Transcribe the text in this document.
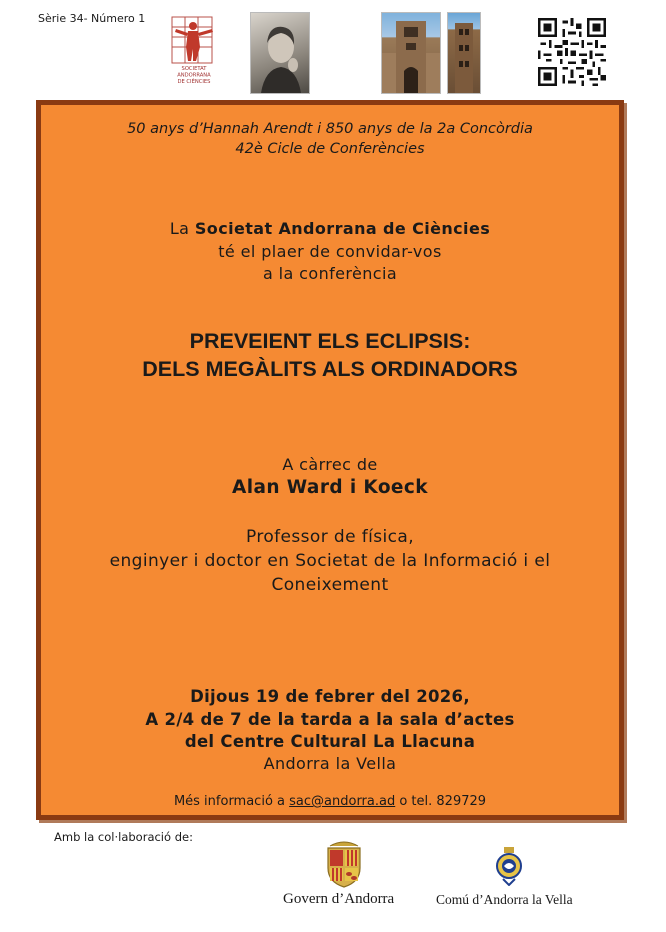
Sèrie 34- Número 1
SOCIETAT
ANDORRANA
DE CIÈNCIES
50 anys d’Hannah Arendt i 850 anys de la 2a Concòrdia
42è Cicle de Conferències
La Societat Andorrana de Ciències
té el plaer de convidar-vos
a la conferència
PREVEIENT ELS ECLIPSIS:
DELS MEGÀLITS ALS ORDINADORS
A càrrec de
Alan Ward i Koeck
Professor de física,
enginyer i doctor en Societat de la Informació i el
Coneixement
Dijous 19 de febrer del 2026,
A 2/4 de 7 de la tarda a la sala d’actes
del Centre Cultural La Llacuna
Andorra la Vella
Més informació a sac@andorra.ad o tel. 829729
Amb la col·laboració de:
Govern d’Andorra	Comú d’Andorra la Vella
